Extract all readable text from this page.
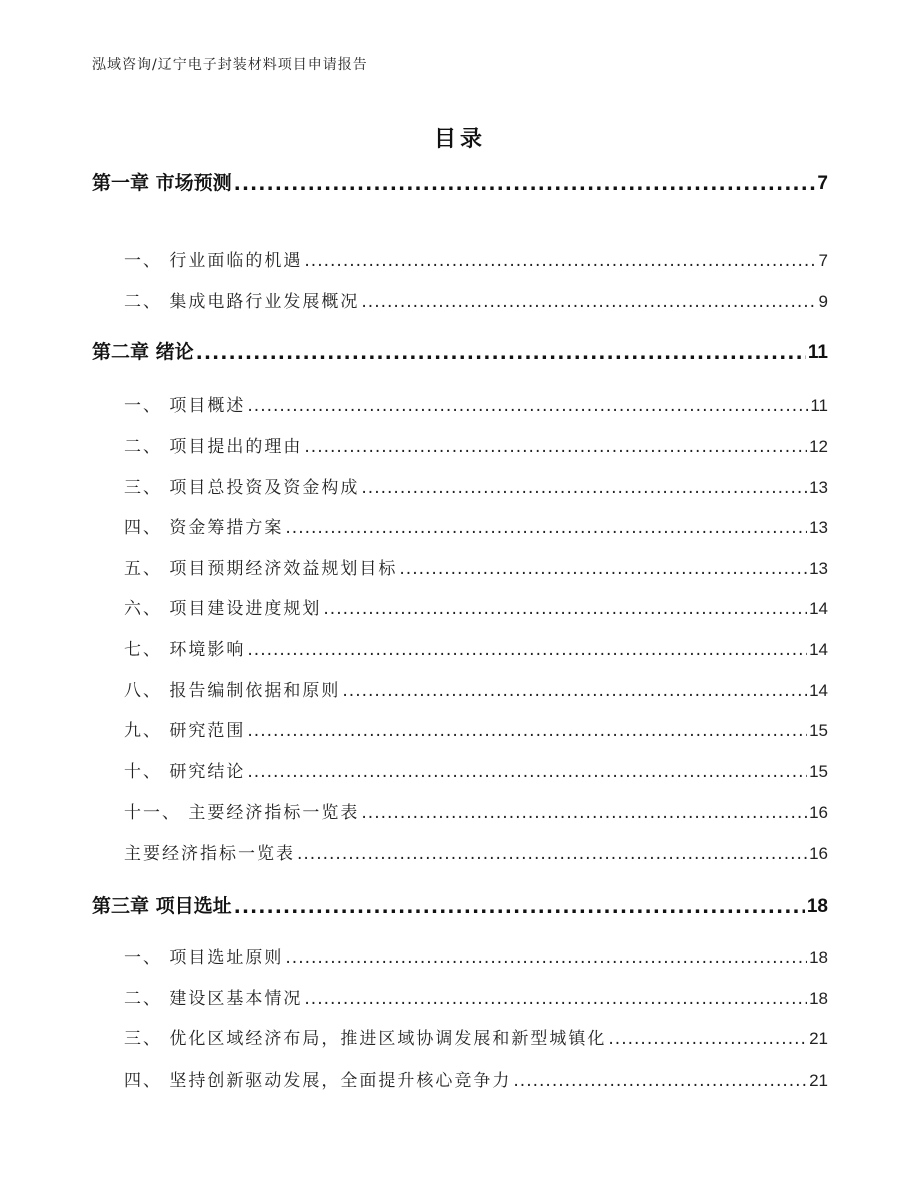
泓域咨询/辽宁电子封装材料项目申请报告
目录
第一章 市场预测 .....	7
一、 行业面临的机遇 .....	7
二、 集成电路行业发展概况 .....	9
第二章 绪论 .....	11
一、 项目概述 .....	11
二、 项目提出的理由 .....	12
三、 项目总投资及资金构成 .....	13
四、 资金筹措方案 .....	13
五、 项目预期经济效益规划目标 .....	13
六、 项目建设进度规划 .....	14
七、 环境影响 .....	14
八、 报告编制依据和原则 .....	14
九、 研究范围 .....	15
十、 研究结论 .....	15
十一、 主要经济指标一览表 .....	16
主要经济指标一览表 .....	16
第三章 项目选址 .....	18
一、 项目选址原则 .....	18
二、 建设区基本情况 .....	18
三、 优化区域经济布局，推进区域协调发展和新型城镇化 .....	21
四、 坚持创新驱动发展，全面提升核心竞争力 .....	21
